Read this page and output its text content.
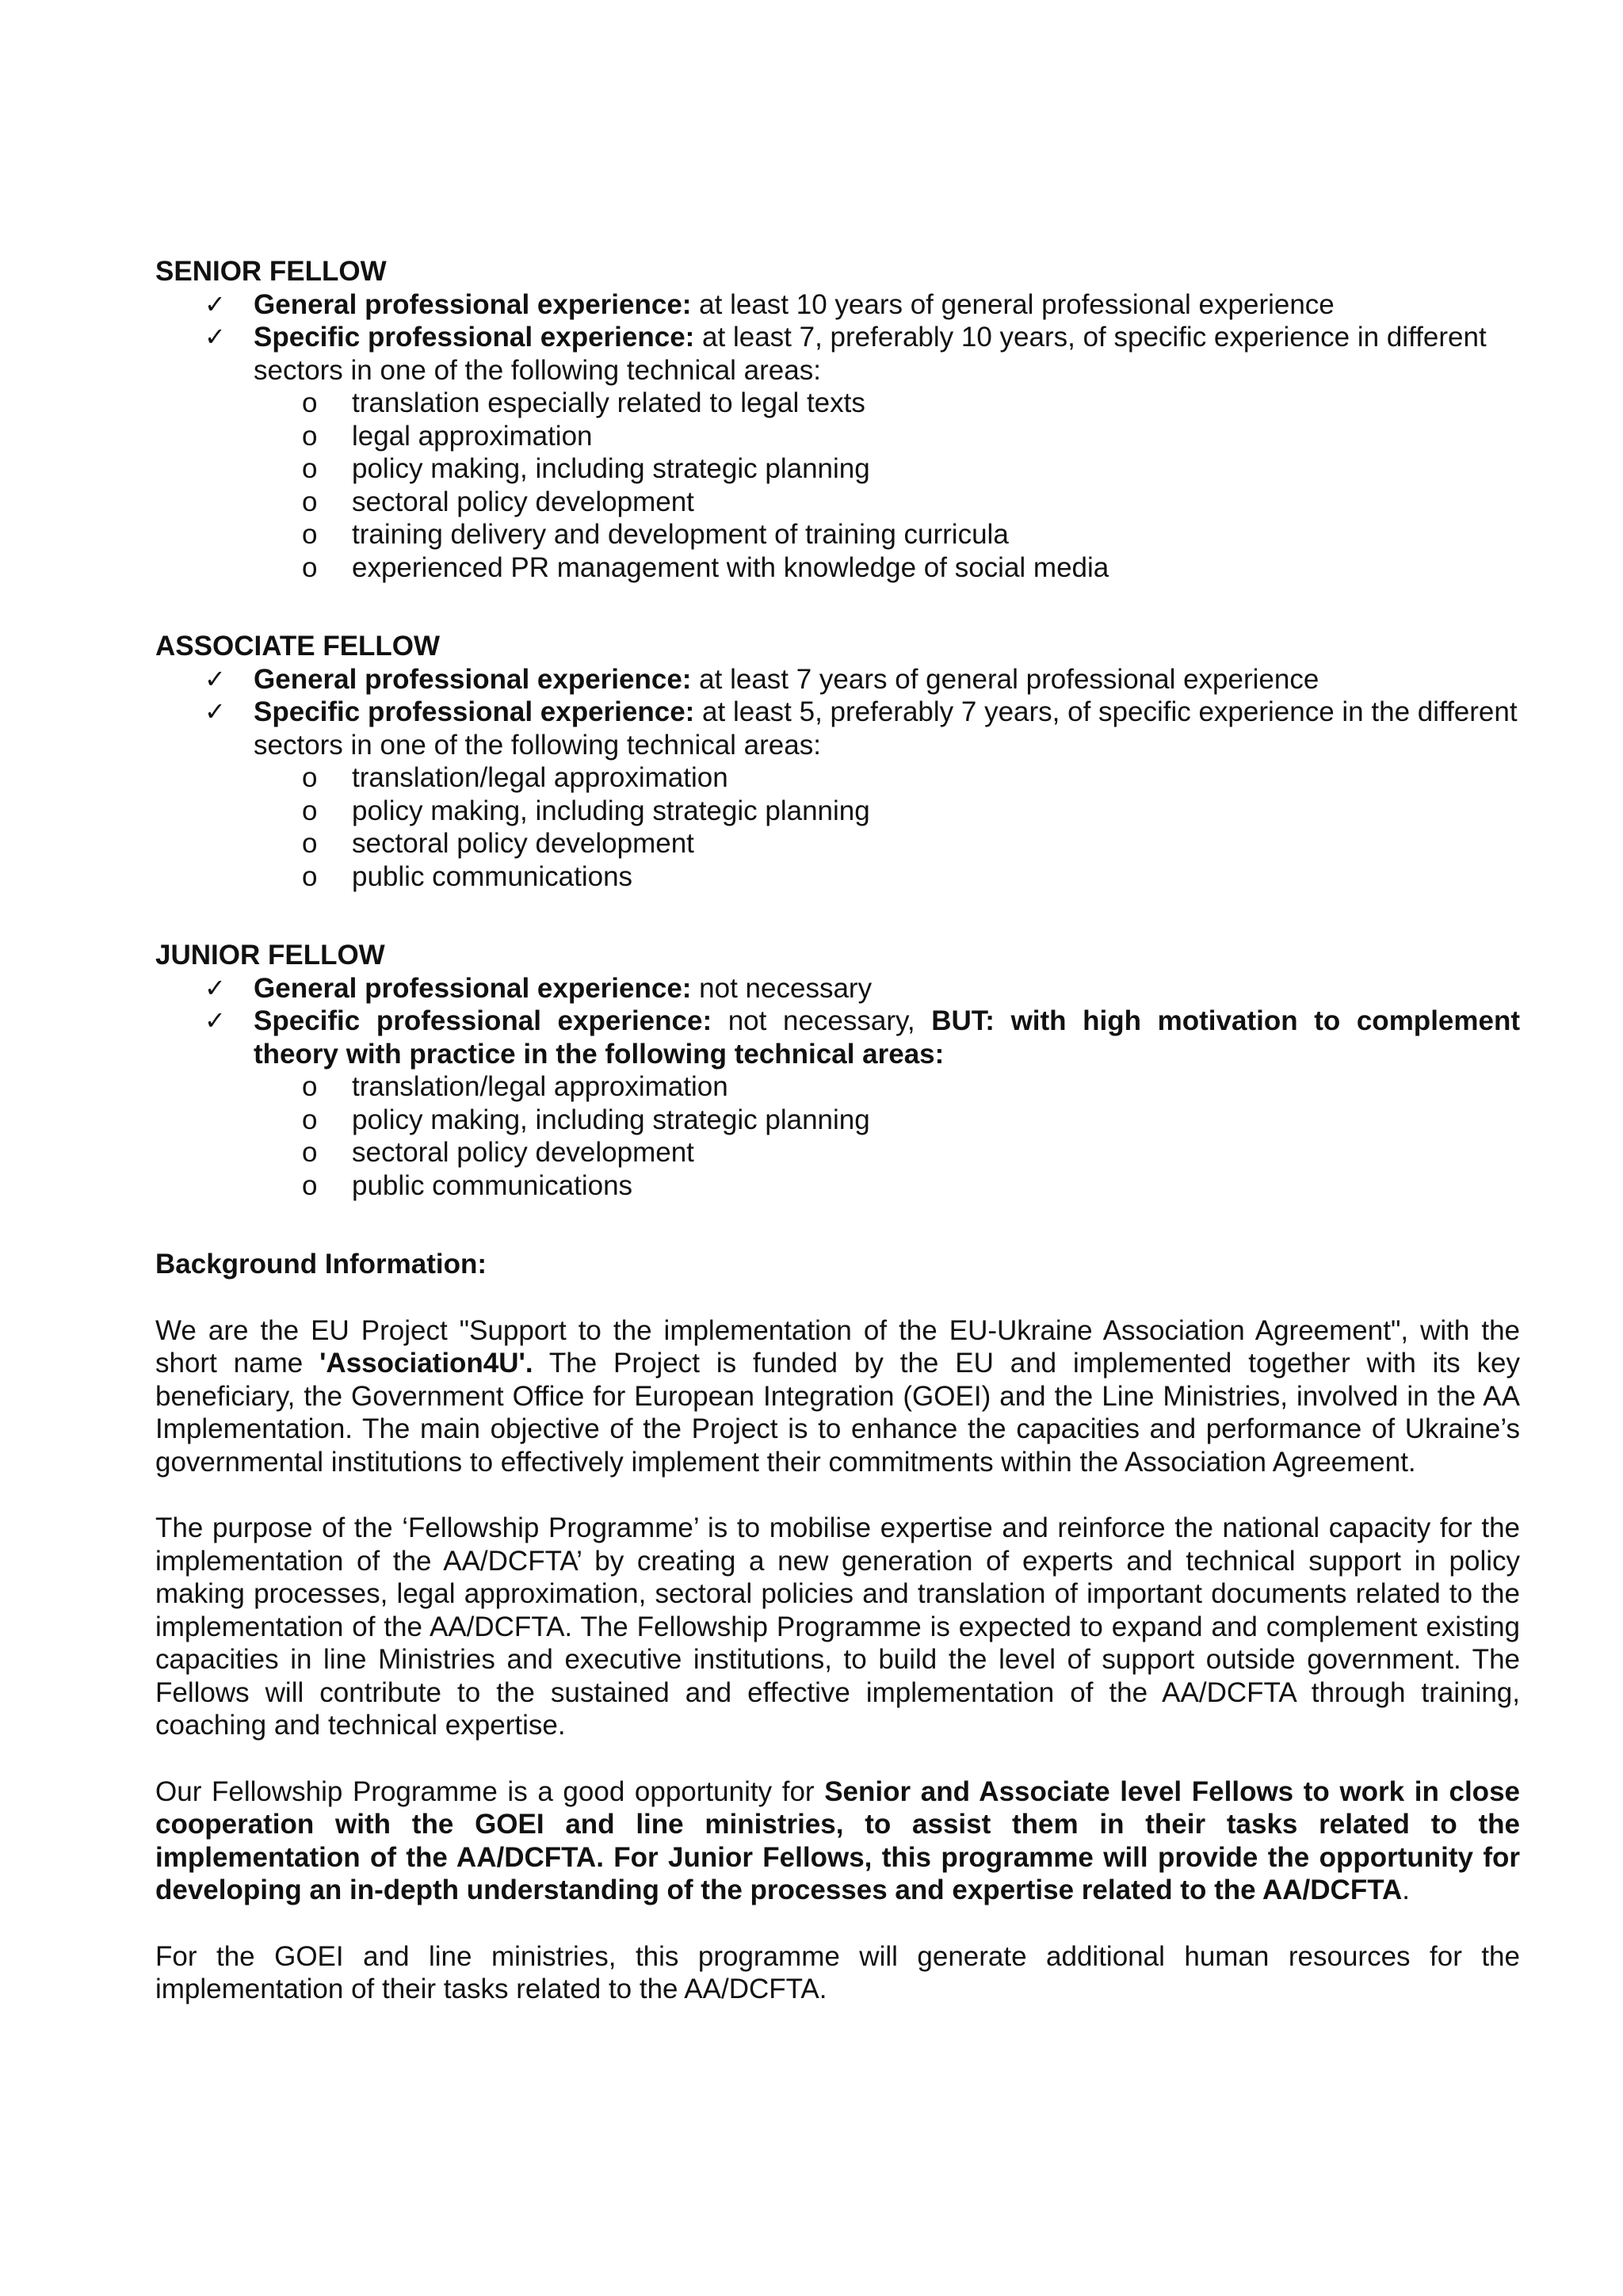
SENIOR FELLOW
✓	General professional experience: at least 10 years of general professional experience
✓	Specific professional experience: at least 7, preferably 10 years, of specific experience in different sectors in one of the following technical areas:
o translation especially related to legal texts
o legal approximation
o policy making, including strategic planning
o sectoral policy development
o training delivery and development of training curricula
o experienced PR management with knowledge of social media
ASSOCIATE FELLOW
✓	General professional experience: at least 7 years of general professional experience
✓	Specific professional experience: at least 5, preferably 7 years, of specific experience in the different sectors in one of the following technical areas:
o translation/legal approximation
o policy making, including strategic planning
o sectoral policy development
o public communications
JUNIOR FELLOW
✓	General professional experience: not necessary
✓	Specific professional experience: not necessary, BUT: with high motivation to complement theory with practice in the following technical areas:
o translation/legal approximation
o policy making, including strategic planning
o sectoral policy development
o public communications
Background Information:

We are the EU Project "Support to the implementation of the EU-Ukraine Association Agreement", with the short name 'Association4U'. The Project is funded by the EU and implemented together with its key beneficiary, the Government Office for European Integration (GOEI) and the Line Ministries, involved in the AA Implementation. The main objective of the Project is to enhance the capacities and performance of Ukraine’s governmental institutions to effectively implement their commitments within the Association Agreement.

The purpose of the ‘Fellowship Programme’ is to mobilise expertise and reinforce the national capacity for the implementation of the AA/DCFTA’ by creating a new generation of experts and technical support in policy making processes, legal approximation, sectoral policies and translation of important documents related to the implementation of the AA/DCFTA. The Fellowship Programme is expected to expand and complement existing capacities in line Ministries and executive institutions, to build the level of support outside government. The Fellows will contribute to the sustained and effective implementation of the AA/DCFTA through training, coaching and technical expertise.

Our Fellowship Programme is a good opportunity for Senior and Associate level Fellows to work in close cooperation with the GOEI and line ministries, to assist them in their tasks related to the implementation of the AA/DCFTA. For Junior Fellows, this programme will provide the opportunity for developing an in-depth understanding of the processes and expertise related to the AA/DCFTA.

For the GOEI and line ministries, this programme will generate additional human resources for the implementation of their tasks related to the AA/DCFTA.
